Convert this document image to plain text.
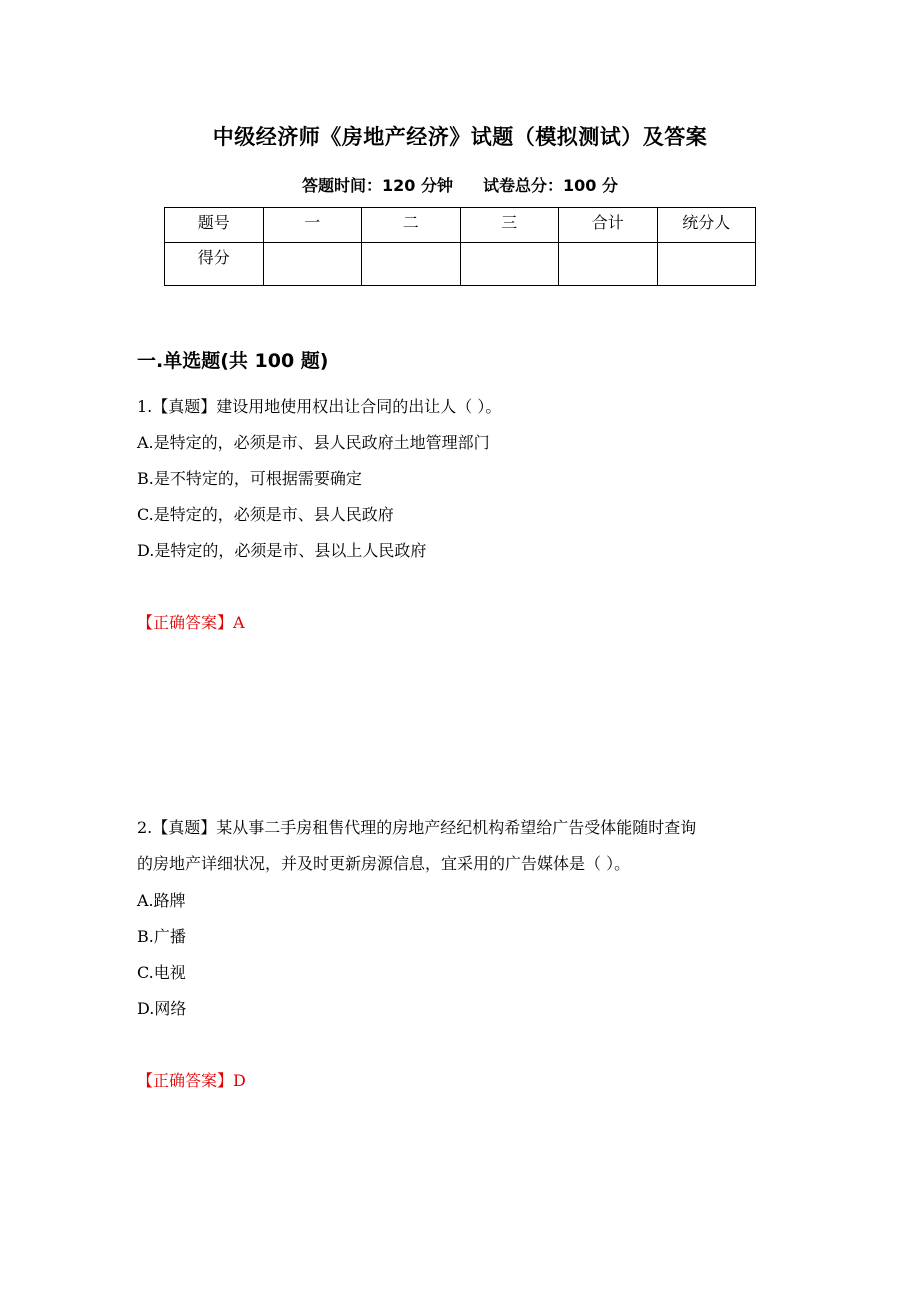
中级经济师《房地产经济》试题（模拟测试）及答案
答题时间：120 分钟 试卷总分：100 分
题号	一	二	三	合计	统分人
得分					
一.单选题(共 100 题)
1.【真题】建设用地使用权出让合同的出让人（ ）。
A.是特定的，必须是市、县人民政府土地管理部门
B.是不特定的，可根据需要确定
C.是特定的，必须是市、县人民政府
D.是特定的，必须是市、县以上人民政府
【正确答案】A
2.【真题】某从事二手房租售代理的房地产经纪机构希望给广告受体能随时查询
的房地产详细状况，并及时更新房源信息，宜采用的广告媒体是（ ）。
A.路牌
B.广播
C.电视
D.网络
【正确答案】D
